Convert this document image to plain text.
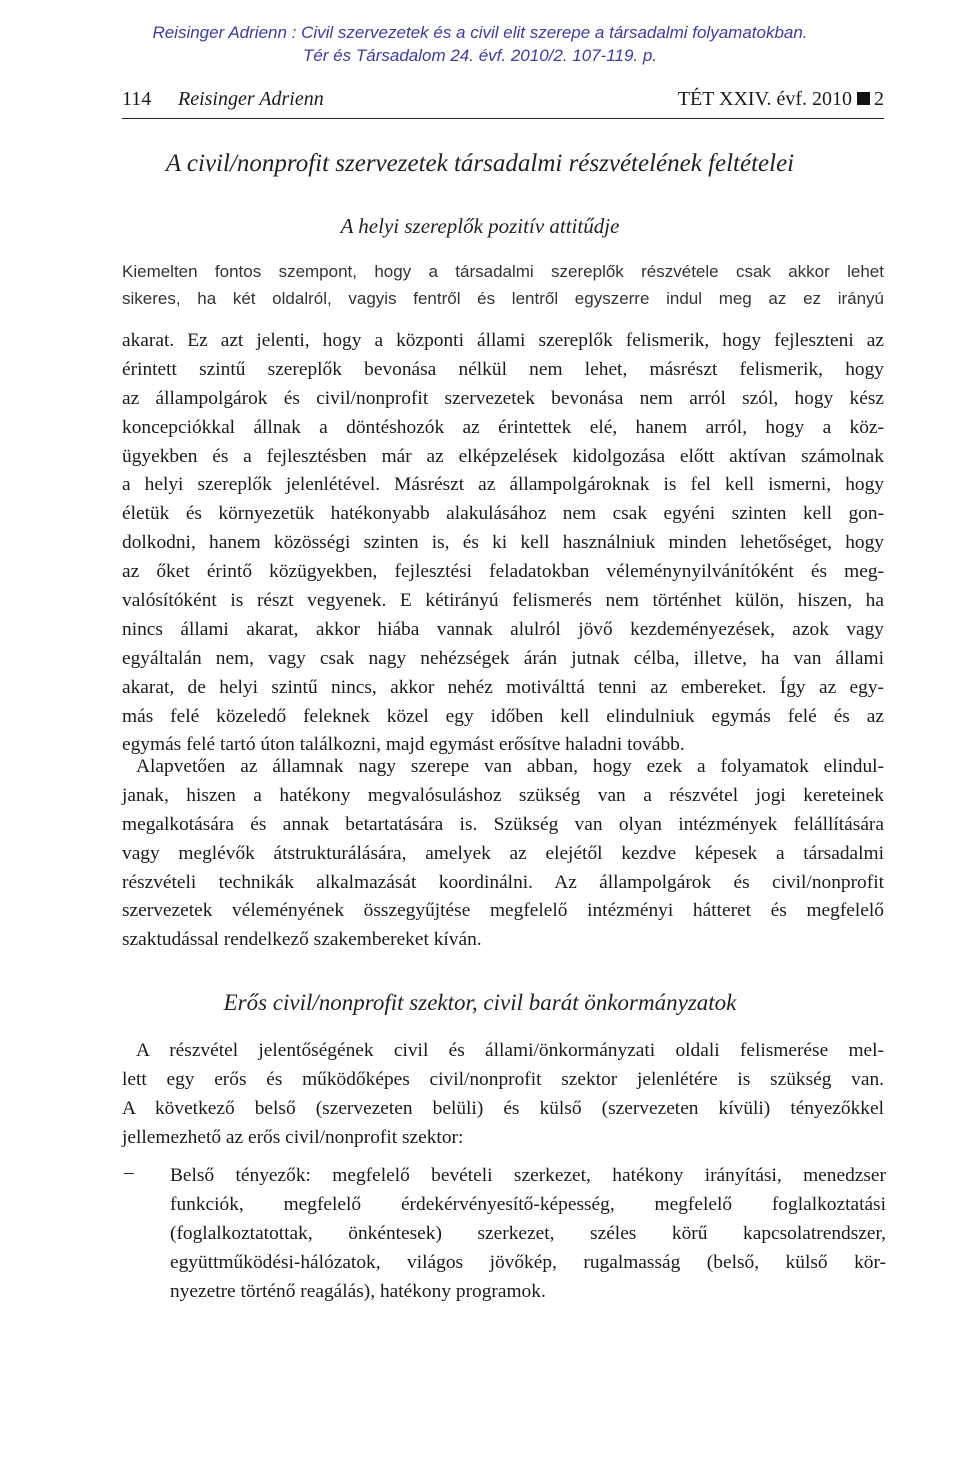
Reisinger Adrienn : Civil szervezetek és a civil elit szerepe a társadalmi folyamatokban.
Tér és Társadalom 24. évf. 2010/2. 107-119. p.
114 Reisinger Adrienn	TÉT XXIV. évf. 2010 2
A civil/nonprofit szervezetek társadalmi részvételének feltételei
A helyi szereplők pozitív attitűdje
Kiemelten fontos szempont, hogy a társadalmi szereplők részvétele csak akkor lehet
sikeres, ha két oldalról, vagyis fentről és lentről egyszerre indul meg az ez irányú
akarat. Ez azt jelenti, hogy a központi állami szereplők felismerik, hogy fejleszteni az
érintett szintű szereplők bevonása nélkül nem lehet, másrészt felismerik, hogy
az állampolgárok és civil/nonprofit szervezetek bevonása nem arról szól, hogy kész
koncepciókkal állnak a döntéshozók az érintettek elé, hanem arról, hogy a köz-
ügyekben és a fejlesztésben már az elképzelések kidolgozása előtt aktívan számolnak
a helyi szereplők jelenlétével. Másrészt az állampolgároknak is fel kell ismerni, hogy
életük és környezetük hatékonyabb alakulásához nem csak egyéni szinten kell gon-
dolkodni, hanem közösségi szinten is, és ki kell használniuk minden lehetőséget, hogy
az őket érintő közügyekben, fejlesztési feladatokban véleménynyilvánítóként és meg-
valósítóként is részt vegyenek. E kétirányú felismerés nem történhet külön, hiszen, ha
nincs állami akarat, akkor hiába vannak alulról jövő kezdeményezések, azok vagy
egyáltalán nem, vagy csak nagy nehézségek árán jutnak célba, illetve, ha van állami
akarat, de helyi szintű nincs, akkor nehéz motiválttá tenni az embereket. Így az egy-
más felé közeledő feleknek közel egy időben kell elindulniuk egymás felé és az
egymás felé tartó úton találkozni, majd egymást erősítve haladni tovább.
Alapvetően az államnak nagy szerepe van abban, hogy ezek a folyamatok elindul-
janak, hiszen a hatékony megvalósuláshoz szükség van a részvétel jogi kereteinek
megalkotására és annak betartatására is. Szükség van olyan intézmények felállítására
vagy meglévők átstrukturálására, amelyek az elejétől kezdve képesek a társadalmi
részvételi technikák alkalmazását koordinálni. Az állampolgárok és civil/nonprofit
szervezetek véleményének összegyűjtése megfelelő intézményi hátteret és megfelelő
szaktudással rendelkező szakembereket kíván.
Erős civil/nonprofit szektor, civil barát önkormányzatok
A részvétel jelentőségének civil és állami/önkormányzati oldali felismerése mel-
lett egy erős és működőképes civil/nonprofit szektor jelenlétére is szükség van.
A következő belső (szervezeten belüli) és külső (szervezeten kívüli) tényezőkkel
jellemezhető az erős civil/nonprofit szektor:
–	Belső tényezők: megfelelő bevételi szerkezet, hatékony irányítási, menedzser
funkciók, megfelelő érdekérvényesítő-képesség, megfelelő foglalkoztatási
(foglalkoztatottak, önkéntesek) szerkezet, széles körű kapcsolatrendszer,
együttműködési-hálózatok, világos jövőkép, rugalmasság (belső, külső kör-
nyezetre történő reagálás), hatékony programok.
